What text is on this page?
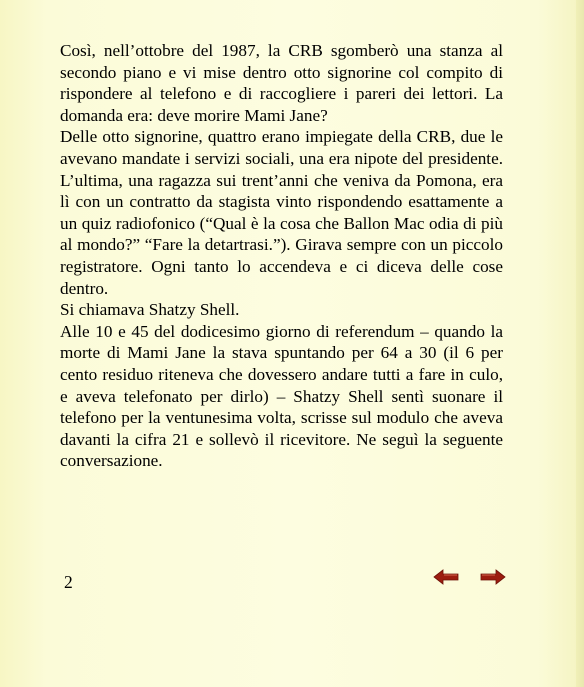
Così, nell’ottobre del 1987, la CRB sgomberò una stanza al secondo piano e vi mise dentro otto signorine col compito di rispondere al telefono e di raccogliere i pareri dei lettori. La domanda era: deve morire Mami Jane?

Delle otto signorine, quattro erano impiegate della CRB, due le avevano mandate i servizi sociali, una era nipote del presidente. L’ultima, una ragazza sui trent’anni che veniva da Pomona, era lì con un contratto da stagista vinto rispondendo esattamente a un quiz radiofonico (“Qual è la cosa che Ballon Mac odia di più al mondo?” “Fare la detartrasi.”). Girava sempre con un piccolo registratore. Ogni tanto lo accendeva e ci diceva delle cose dentro.

Si chiamava Shatzy Shell.

Alle 10 e 45 del dodicesimo giorno di referendum – quando la morte di Mami Jane la stava spuntando per 64 a 30 (il 6 per cento residuo riteneva che dovessero andare tutti a fare in culo, e aveva telefonato per dirlo) – Shatzy Shell sentì suonare il telefono per la ventunesima volta, scrisse sul modulo che aveva davanti la cifra 21 e sollevò il ricevitore. Ne seguì la seguente conversazione.

2
